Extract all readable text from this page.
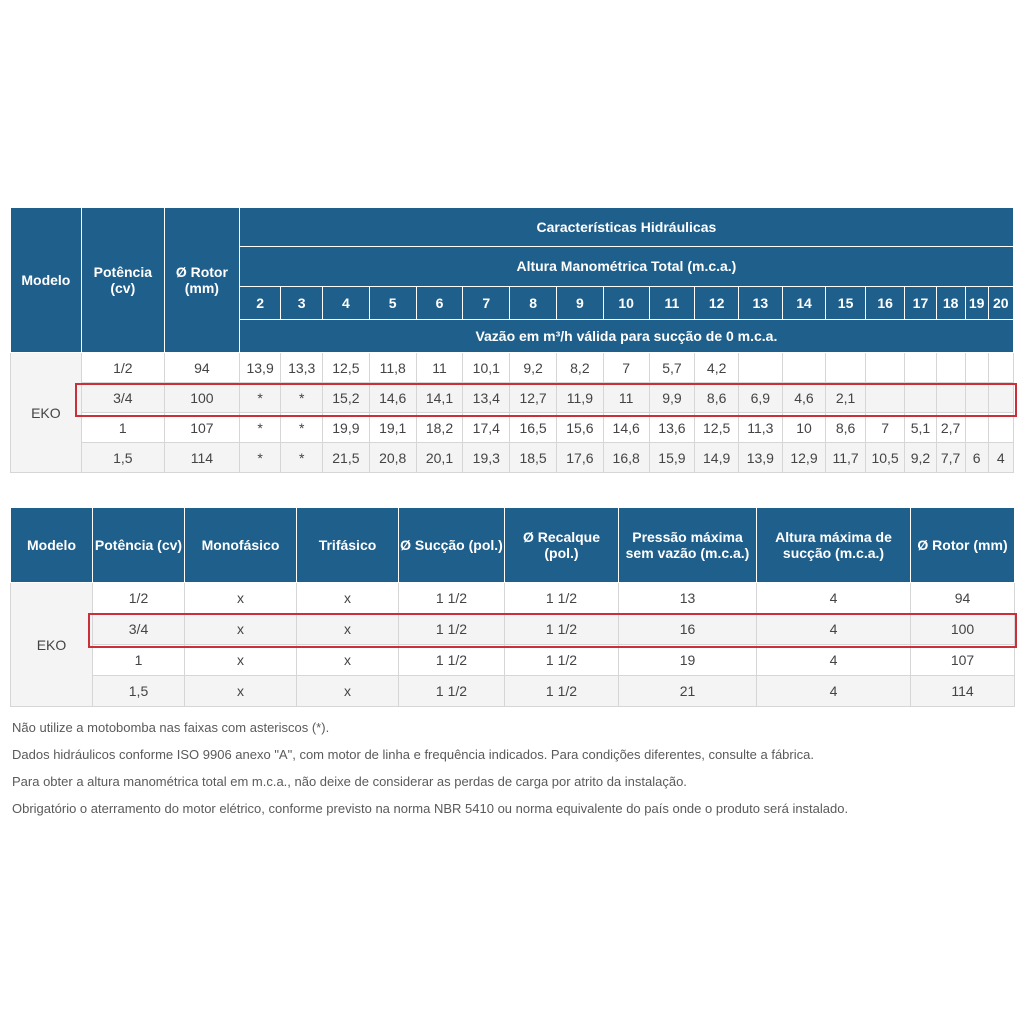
Modelo	Potência (cv)	Ø Rotor (mm)	Características Hidráulicas																		
			Altura Manométrica Total (m.c.a.)																		
			2	3	4	5	6	7	8	9	10	11	12	13	14	15	16	17	18	19	20
			Vazão em m³/h válida para sucção de 0 m.c.a.																		
EKO	1/2	94	13,9	13,3	12,5	11,8	11	10,1	9,2	8,2	7	5,7	4,2								
	3/4	100	*	*	15,2	14,6	14,1	13,4	12,7	11,9	11	9,9	8,6	6,9	4,6	2,1					
	1	107	*	*	19,9	19,1	18,2	17,4	16,5	15,6	14,6	13,6	12,5	11,3	10	8,6	7	5,1	2,7		
	1,5	114	*	*	21,5	20,8	20,1	19,3	18,5	17,6	16,8	15,9	14,9	13,9	12,9	11,7	10,5	9,2	7,7	6	4
Modelo	Potência (cv)	Monofásico	Trifásico	Ø Sucção (pol.)	Ø Recalque (pol.)	Pressão máxima sem vazão (m.c.a.)	Altura máxima de sucção (m.c.a.)	Ø Rotor (mm)
EKO	1/2	x	x	1 1/2	1 1/2	13	4	94
	3/4	x	x	1 1/2	1 1/2	16	4	100
	1	x	x	1 1/2	1 1/2	19	4	107
	1,5	x	x	1 1/2	1 1/2	21	4	114

Não utilize a motobomba nas faixas com asteriscos (*).

Dados hidráulicos conforme ISO 9906 anexo "A", com motor de linha e frequência indicados. Para condições diferentes, consulte a fábrica.

Para obter a altura manométrica total em m.c.a., não deixe de considerar as perdas de carga por atrito da instalação.

Obrigatório o aterramento do motor elétrico, conforme previsto na norma NBR 5410 ou norma equivalente do país onde o produto será instalado.
